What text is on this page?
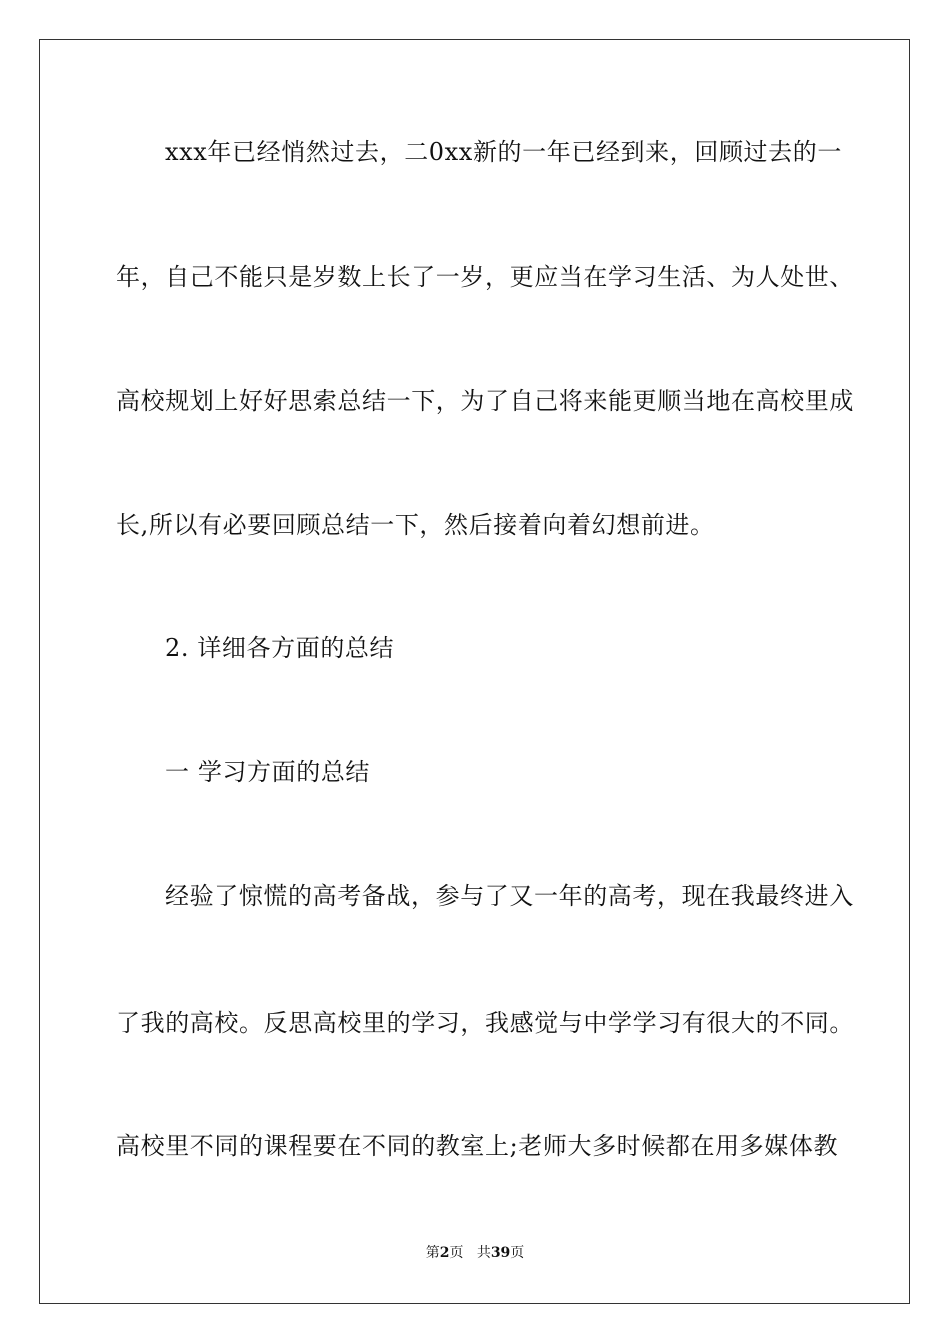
xxx年已经悄然过去，二0xx新的一年已经到来，回顾过去的一
年，自己不能只是岁数上长了一岁，更应当在学习生活、为人处世、
高校规划上好好思索总结一下，为了自己将来能更顺当地在高校里成
长,所以有必要回顾总结一下，然后接着向着幻想前进。
2. 详细各方面的总结
一 学习方面的总结
经验了惊慌的高考备战，参与了又一年的高考，现在我最终进入
了我的高校。反思高校里的学习，我感觉与中学学习有很大的不同。
高校里不同的课程要在不同的教室上;老师大多时候都在用多媒体教
第2页 共39页
